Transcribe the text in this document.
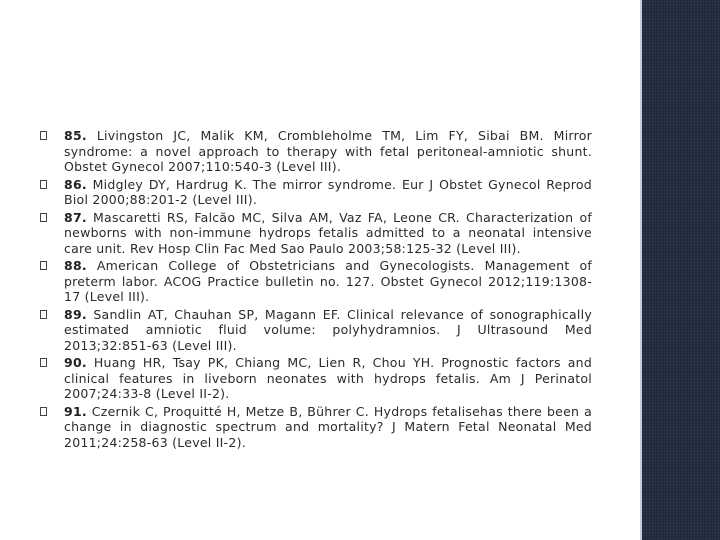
85. Livingston JC, Malik KM, Crombleholme TM, Lim FY, Sibai BM. Mirror syndrome: a novel approach to therapy with fetal peritoneal-amniotic shunt. Obstet Gynecol 2007;110:540-3 (Level III).
86. Midgley DY, Hardrug K. The mirror syndrome. Eur J Obstet Gynecol Reprod Biol 2000;88:201-2 (Level III).
87. Mascaretti RS, Falcão MC, Silva AM, Vaz FA, Leone CR. Characterization of newborns with non-immune hydrops fetalis admitted to a neonatal intensive care unit. Rev Hosp Clin Fac Med Sao Paulo 2003;58:125-32 (Level III).
88. American College of Obstetricians and Gynecologists. Management of preterm labor. ACOG Practice bulletin no. 127. Obstet Gynecol 2012;119:1308-17 (Level III).
89. Sandlin AT, Chauhan SP, Magann EF. Clinical relevance of sonographically estimated amniotic fluid volume: polyhydramnios. J Ultrasound Med 2013;32:851-63 (Level III).
90. Huang HR, Tsay PK, Chiang MC, Lien R, Chou YH. Prognostic factors and clinical features in liveborn neonates with hydrops fetalis. Am J Perinatol 2007;24:33-8 (Level II-2).
91. Czernik C, Proquitté H, Metze B, Bührer C. Hydrops fetalisehas there been a change in diagnostic spectrum and mortality? J Matern Fetal Neonatal Med 2011;24:258-63 (Level II-2).
